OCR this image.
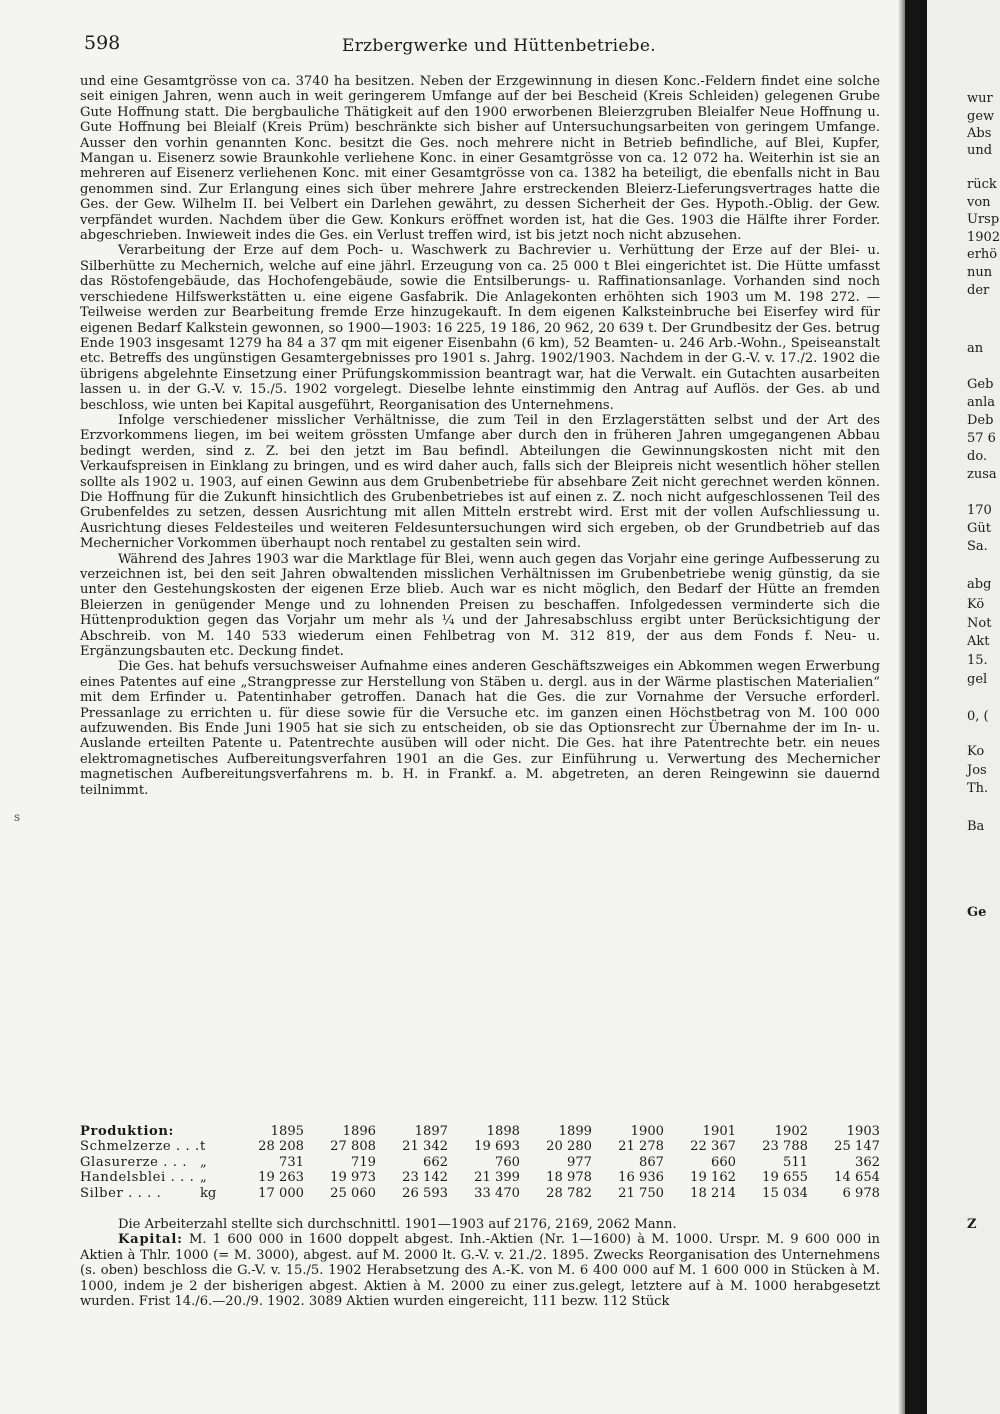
598	Erzbergwerke und Hüttenbetriebe.
s

und eine Gesamtgrösse von ca. 3740 ha besitzen. Neben der Erzgewinnung in diesen Konc.-Feldern findet eine solche seit einigen Jahren, wenn auch in weit geringerem Umfange auf der bei Bescheid (Kreis Schleiden) gelegenen Grube Gute Hoffnung statt. Die bergbauliche Thätigkeit auf den 1900 erworbenen Bleierzgruben Bleialfer Neue Hoffnung u. Gute Hoffnung bei Bleialf (Kreis Prüm) beschränkte sich bisher auf Untersuchungsarbeiten von geringem Umfange. Ausser den vorhin genannten Konc. besitzt die Ges. noch mehrere nicht in Betrieb befindliche, auf Blei, Kupfer, Mangan u. Eisenerz sowie Braunkohle verliehene Konc. in einer Gesamtgrösse von ca. 12 072 ha. Weiterhin ist sie an mehreren auf Eisenerz verliehenen Konc. mit einer Gesamtgrösse von ca. 1382 ha beteiligt, die ebenfalls nicht in Bau genommen sind. Zur Erlangung eines sich über mehrere Jahre erstreckenden Bleierz-Lieferungsvertrages hatte die Ges. der Gew. Wilhelm II. bei Velbert ein Darlehen gewährt, zu dessen Sicherheit der Ges. Hypoth.-Oblig. der Gew. verpfändet wurden. Nachdem über die Gew. Konkurs eröffnet worden ist, hat die Ges. 1903 die Hälfte ihrer Forder. abgeschrieben. Inwieweit indes die Ges. ein Verlust treffen wird, ist bis jetzt noch nicht abzusehen.

Verarbeitung der Erze auf dem Poch- u. Waschwerk zu Bachrevier u. Verhüttung der Erze auf der Blei- u. Silberhütte zu Mechernich, welche auf eine jährl. Erzeugung von ca. 25 000 t Blei eingerichtet ist. Die Hütte umfasst das Röstofengebäude, das Hochofengebäude, sowie die Entsilberungs- u. Raffinationsanlage. Vorhanden sind noch verschiedene Hilfswerkstätten u. eine eigene Gasfabrik. Die Anlagekonten erhöhten sich 1903 um M. 198 272. — Teilweise werden zur Bearbeitung fremde Erze hinzugekauft. In dem eigenen Kalksteinbruche bei Eiserfey wird für eigenen Bedarf Kalkstein gewonnen, so 1900—1903: 16 225, 19 186, 20 962, 20 639 t. Der Grundbesitz der Ges. betrug Ende 1903 insgesamt 1279 ha 84 a 37 qm mit eigener Eisenbahn (6 km), 52 Beamten- u. 246 Arb.-Wohn., Speiseanstalt etc. Betreffs des ungünstigen Gesamtergebnisses pro 1901 s. Jahrg. 1902/1903. Nachdem in der G.-V. v. 17./2. 1902 die übrigens abgelehnte Einsetzung einer Prüfungskommission beantragt war, hat die Verwalt. ein Gutachten ausarbeiten lassen u. in der G.-V. v. 15./5. 1902 vorgelegt. Dieselbe lehnte einstimmig den Antrag auf Auflös. der Ges. ab und beschloss, wie unten bei Kapital ausgeführt, Reorganisation des Unternehmens.

Infolge verschiedener misslicher Verhältnisse, die zum Teil in den Erzlagerstätten selbst und der Art des Erzvorkommens liegen, im bei weitem grössten Umfange aber durch den in früheren Jahren umgegangenen Abbau bedingt werden, sind z. Z. bei den jetzt im Bau befindl. Abteilungen die Gewinnungskosten nicht mit den Verkaufspreisen in Einklang zu bringen, und es wird daher auch, falls sich der Bleipreis nicht wesentlich höher stellen sollte als 1902 u. 1903, auf einen Gewinn aus dem Grubenbetriebe für absehbare Zeit nicht gerechnet werden können. Die Hoffnung für die Zukunft hinsichtlich des Grubenbetriebes ist auf einen z. Z. noch nicht aufgeschlossenen Teil des Grubenfeldes zu setzen, dessen Ausrichtung mit allen Mitteln erstrebt wird. Erst mit der vollen Aufschliessung u. Ausrichtung dieses Feldesteiles und weiteren Feldesuntersuchungen wird sich ergeben, ob der Grundbetrieb auf das Mechernicher Vorkommen überhaupt noch rentabel zu gestalten sein wird.

Während des Jahres 1903 war die Marktlage für Blei, wenn auch gegen das Vorjahr eine geringe Aufbesserung zu verzeichnen ist, bei den seit Jahren obwaltenden misslichen Verhältnissen im Grubenbetriebe wenig günstig, da sie unter den Gestehungskosten der eigenen Erze blieb. Auch war es nicht möglich, den Bedarf der Hütte an fremden Bleierzen in genügender Menge und zu lohnenden Preisen zu beschaffen. Infolgedessen verminderte sich die Hüttenproduktion gegen das Vorjahr um mehr als ¼ und der Jahresabschluss ergibt unter Berücksichtigung der Abschreib. von M. 140 533 wiederum einen Fehlbetrag von M. 312 819, der aus dem Fonds f. Neu- u. Ergänzungsbauten etc. Deckung findet.

Die Ges. hat behufs versuchsweiser Aufnahme eines anderen Geschäftszweiges ein Abkommen wegen Erwerbung eines Patentes auf eine „Strangpresse zur Herstellung von Stäben u. dergl. aus in der Wärme plastischen Materialien“ mit dem Erfinder u. Patentinhaber getroffen. Danach hat die Ges. die zur Vornahme der Versuche erforderl. Pressanlage zu errichten u. für diese sowie für die Versuche etc. im ganzen einen Höchstbetrag von M. 100 000 aufzuwenden. Bis Ende Juni 1905 hat sie sich zu entscheiden, ob sie das Optionsrecht zur Übernahme der im In- u. Auslande erteilten Patente u. Patentrechte ausüben will oder nicht. Die Ges. hat ihre Patentrechte betr. ein neues elektromagnetisches Aufbereitungsverfahren 1901 an die Ges. zur Einführung u. Verwertung des Mechernicher magnetischen Aufbereitungsverfahrens m. b. H. in Frankf. a. M. abgetreten, an deren Reingewinn sie dauernd teilnimmt.

Produktion:		1895	1896	1897	1898	1899	1900	1901	1902	1903
Schmelzerze . . .	t	28 208	27 808	21 342	19 693	20 280	21 278	22 367	23 788	25 147
Glasurerze . . .	„	731	719	662	760	977	867	660	511	362
Handelsblei . . .	„	19 263	19 973	23 142	21 399	18 978	16 936	19 162	19 655	14 654
Silber . . . .	kg	17 000	25 060	26 593	33 470	28 782	21 750	18 214	15 034	6 978

Die Arbeiterzahl stellte sich durchschnittl. 1901—1903 auf 2176, 2169, 2062 Mann.

Kapital: M. 1 600 000 in 1600 doppelt abgest. Inh.-Aktien (Nr. 1—1600) à M. 1000. Urspr. M. 9 600 000 in Aktien à Thlr. 1000 (= M. 3000), abgest. auf M. 2000 lt. G.-V. v. 21./2. 1895. Zwecks Reorganisation des Unternehmens (s. oben) beschloss die G.-V. v. 15./5. 1902 Herabsetzung des A.-K. von M. 6 400 000 auf M. 1 600 000 in Stücken à M. 1000, indem je 2 der bisherigen abgest. Aktien à M. 2000 zu einer zus.gelegt, letztere auf à M. 1000 herabgesetzt wurden. Frist 14./6.—20./9. 1902. 3089 Aktien wurden eingereicht, 111 bezw. 112 Stück

wur
gew
Abs
und
rück
von
Ursp
1902
erhö
nun
der
an
Geb
anla
Deb
57 6
do.
zusa
170
Güt
Sa.
abg
Kö
Not
Akt
15.
gel
0, (
Ko
Jos
Th.
Ba
Ge
Z
